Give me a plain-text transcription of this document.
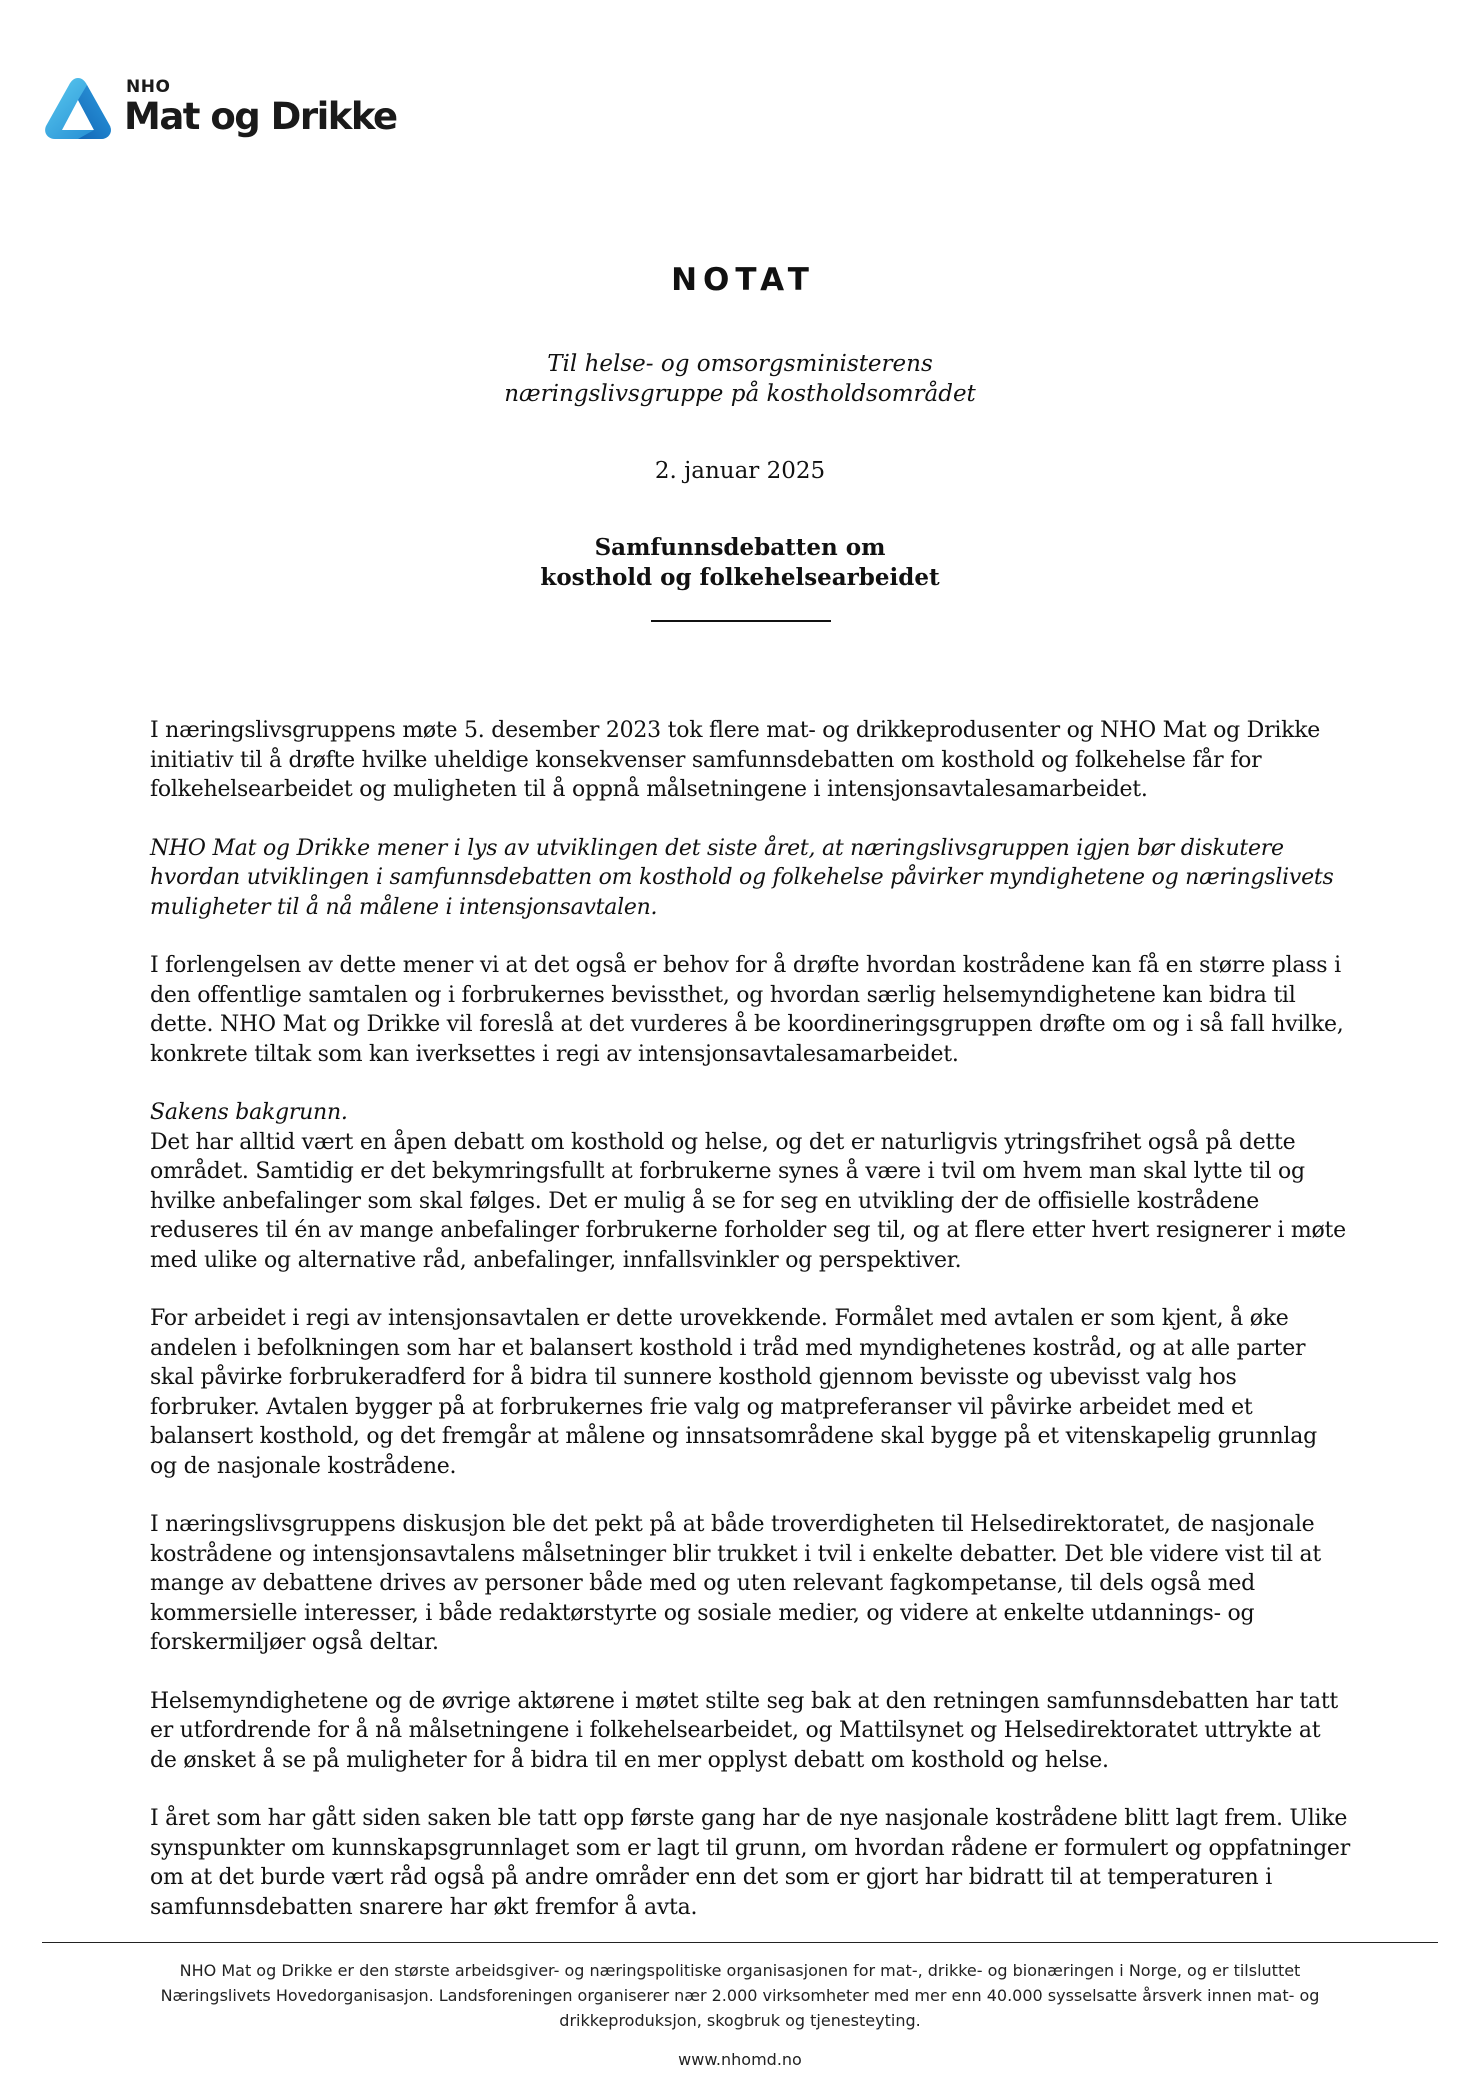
NHO
Mat og Drikke
NOTAT
Til helse- og omsorgsministerens
næringslivsgruppe på kostholdsområdet
2. januar 2025
Samfunnsdebatten om
kosthold og folkehelsearbeidet

I næringslivsgruppens møte 5. desember 2023 tok flere mat- og drikkeprodusenter og NHO Mat og Drikke initiativ til å drøfte hvilke uheldige konsekvenser samfunnsdebatten om kosthold og folkehelse får for folkehelsearbeidet og muligheten til å oppnå målsetningene i intensjonsavtalesamarbeidet.

NHO Mat og Drikke mener i lys av utviklingen det siste året, at næringslivsgruppen igjen bør diskutere hvordan utviklingen i samfunnsdebatten om kosthold og folkehelse påvirker myndighetene og næringslivets muligheter til å nå målene i intensjonsavtalen.

I forlengelsen av dette mener vi at det også er behov for å drøfte hvordan kostrådene kan få en større plass i den offentlige samtalen og i forbrukernes bevissthet, og hvordan særlig helsemyndighetene kan bidra til dette. NHO Mat og Drikke vil foreslå at det vurderes å be koordineringsgruppen drøfte om og i så fall hvilke, konkrete tiltak som kan iverksettes i regi av intensjonsavtalesamarbeidet.

Sakens bakgrunn.

Det har alltid vært en åpen debatt om kosthold og helse, og det er naturligvis ytringsfrihet også på dette området. Samtidig er det bekymringsfullt at forbrukerne synes å være i tvil om hvem man skal lytte til og hvilke anbefalinger som skal følges. Det er mulig å se for seg en utvikling der de offisielle kostrådene reduseres til én av mange anbefalinger forbrukerne forholder seg til, og at flere etter hvert resignerer i møte med ulike og alternative råd, anbefalinger, innfallsvinkler og perspektiver.

For arbeidet i regi av intensjonsavtalen er dette urovekkende. Formålet med avtalen er som kjent, å øke andelen i befolkningen som har et balansert kosthold i tråd med myndighetenes kostråd, og at alle parter skal påvirke forbrukeradferd for å bidra til sunnere kosthold gjennom bevisste og ubevisst valg hos forbruker. Avtalen bygger på at forbrukernes frie valg og matpreferanser vil påvirke arbeidet med et balansert kosthold, og det fremgår at målene og innsatsområdene skal bygge på et vitenskapelig grunnlag og de nasjonale kostrådene.

I næringslivsgruppens diskusjon ble det pekt på at både troverdigheten til Helsedirektoratet, de nasjonale kostrådene og intensjonsavtalens målsetninger blir trukket i tvil i enkelte debatter. Det ble videre vist til at mange av debattene drives av personer både med og uten relevant fagkompetanse, til dels også med kommersielle interesser, i både redaktørstyrte og sosiale medier, og videre at enkelte utdannings- og forskermiljøer også deltar.

Helsemyndighetene og de øvrige aktørene i møtet stilte seg bak at den retningen samfunnsdebatten har tatt er utfordrende for å nå målsetningene i folkehelsearbeidet, og Mattilsynet og Helsedirektoratet uttrykte at de ønsket å se på muligheter for å bidra til en mer opplyst debatt om kosthold og helse.

I året som har gått siden saken ble tatt opp første gang har de nye nasjonale kostrådene blitt lagt frem. Ulike synspunkter om kunnskapsgrunnlaget som er lagt til grunn, om hvordan rådene er formulert og oppfatninger om at det burde vært råd også på andre områder enn det som er gjort har bidratt til at temperaturen i samfunnsdebatten snarere har økt fremfor å avta.

NHO Mat og Drikke er den største arbeidsgiver- og næringspolitiske organisasjonen for mat-, drikke- og bionæringen i Norge, og er tilsluttet
Næringslivets Hovedorganisasjon. Landsforeningen organiserer nær 2.000 virksomheter med mer enn 40.000 sysselsatte årsverk innen mat- og
drikkeproduksjon, skogbruk og tjenesteyting.
www.nhomd.no
